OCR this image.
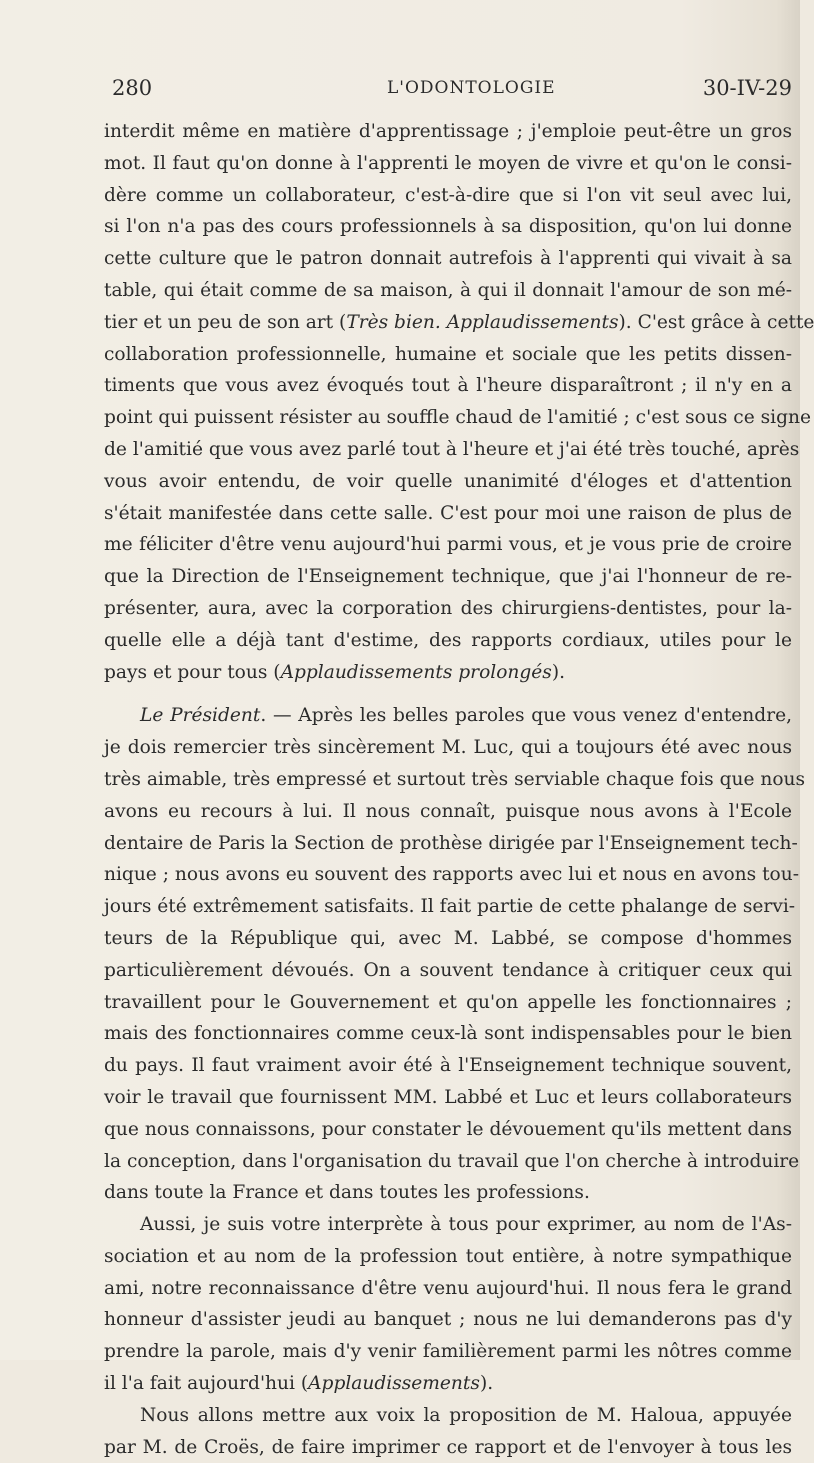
280	L'ODONTOLOGIE	30-IV-29
interdit même en matière d'apprentissage ; j'emploie peut-être un gros
mot. Il faut qu'on donne à l'apprenti le moyen de vivre et qu'on le consi-
dère comme un collaborateur, c'est-à-dire que si l'on vit seul avec lui,
si l'on n'a pas des cours professionnels à sa disposition, qu'on lui donne
cette culture que le patron donnait autrefois à l'apprenti qui vivait à sa
table, qui était comme de sa maison, à qui il donnait l'amour de son mé-
tier et un peu de son art (Très bien. Applaudissements). C'est grâce à cette
collaboration professionnelle, humaine et sociale que les petits dissen-
timents que vous avez évoqués tout à l'heure disparaîtront ; il n'y en a
point qui puissent résister au souffle chaud de l'amitié ; c'est sous ce signe
de l'amitié que vous avez parlé tout à l'heure et j'ai été très touché, après
vous avoir entendu, de voir quelle unanimité d'éloges et d'attention
s'était manifestée dans cette salle. C'est pour moi une raison de plus de
me féliciter d'être venu aujourd'hui parmi vous, et je vous prie de croire
que la Direction de l'Enseignement technique, que j'ai l'honneur de re-
présenter, aura, avec la corporation des chirurgiens-dentistes, pour la-
quelle elle a déjà tant d'estime, des rapports cordiaux, utiles pour le
pays et pour tous (Applaudissements prolongés).
Le Président. — Après les belles paroles que vous venez d'entendre,
je dois remercier très sincèrement M. Luc, qui a toujours été avec nous
très aimable, très empressé et surtout très serviable chaque fois que nous
avons eu recours à lui. Il nous connaît, puisque nous avons à l'Ecole
dentaire de Paris la Section de prothèse dirigée par l'Enseignement tech-
nique ; nous avons eu souvent des rapports avec lui et nous en avons tou-
jours été extrêmement satisfaits. Il fait partie de cette phalange de servi-
teurs de la République qui, avec M. Labbé, se compose d'hommes
particulièrement dévoués. On a souvent tendance à critiquer ceux qui
travaillent pour le Gouvernement et qu'on appelle les fonctionnaires ;
mais des fonctionnaires comme ceux-là sont indispensables pour le bien
du pays. Il faut vraiment avoir été à l'Enseignement technique souvent,
voir le travail que fournissent MM. Labbé et Luc et leurs collaborateurs
que nous connaissons, pour constater le dévouement qu'ils mettent dans
la conception, dans l'organisation du travail que l'on cherche à introduire
dans toute la France et dans toutes les professions.
Aussi, je suis votre interprète à tous pour exprimer, au nom de l'As-
sociation et au nom de la profession tout entière, à notre sympathique
ami, notre reconnaissance d'être venu aujourd'hui. Il nous fera le grand
honneur d'assister jeudi au banquet ; nous ne lui demanderons pas d'y
prendre la parole, mais d'y venir familièrement parmi les nôtres comme
il l'a fait aujourd'hui (Applaudissements).
Nous allons mettre aux voix la proposition de M. Haloua, appuyée
par M. de Croës, de faire imprimer ce rapport et de l'envoyer à tous les
